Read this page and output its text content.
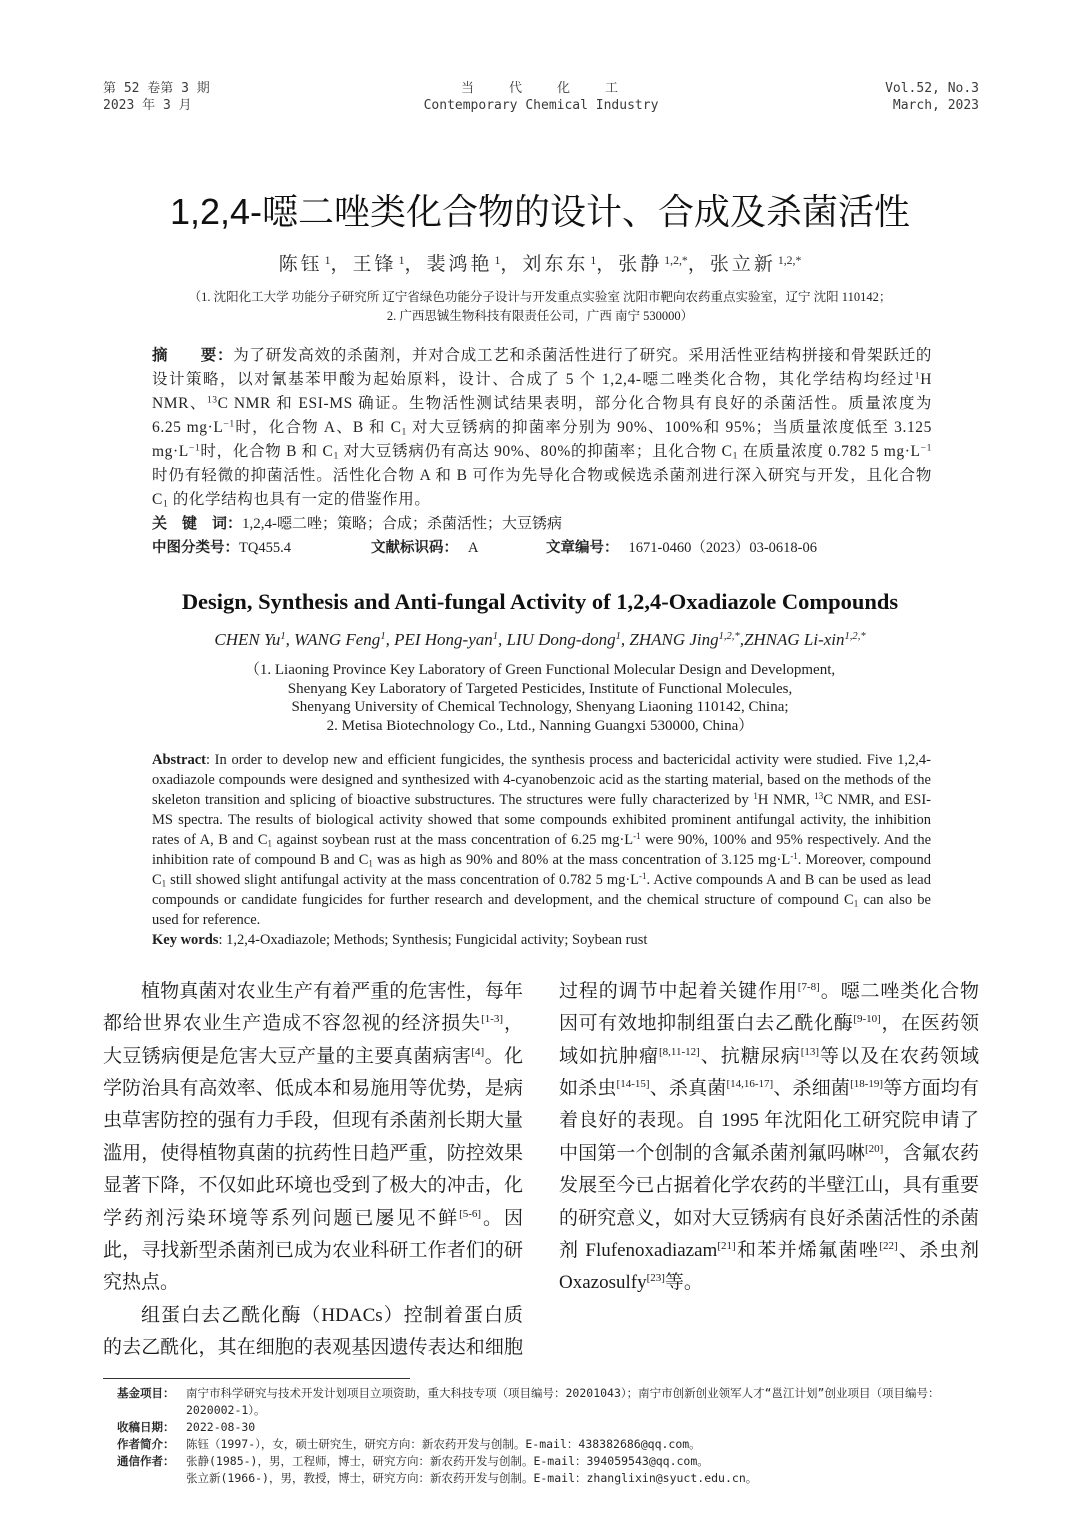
第 52 卷第 3 期
2023 年 3 月
当　　代　　化　　工
Contemporary Chemical Industry
Vol.52, No.3
March, 2023
1,2,4-噁二唑类化合物的设计、合成及杀菌活性
陈钰 $^1$，王锋 $^1$，裴鸿艳 $^1$，刘东东 $^1$，张静 $^{1,2,*}$，张立新 $^{1,2,*}$
（1. 沈阳化工大学 功能分子研究所 辽宁省绿色功能分子设计与开发重点实验室 沈阳市靶向农药重点实验室，辽宁 沈阳 110142；
2. 广西思铖生物科技有限责任公司，广西 南宁 530000）
摘　　要：为了研发高效的杀菌剂，并对合成工艺和杀菌活性进行了研究。采用活性亚结构拼接和骨架跃迁的设计策略，以对氰基苯甲酸为起始原料，设计、合成了 5 个 1,2,4-噁二唑类化合物，其化学结构均经过$^1$H NMR、$^{13}$C NMR 和 ESI-MS 确证。生物活性测试结果表明，部分化合物具有良好的杀菌活性。质量浓度为 6.25 $mg\cdot L^{-1}$时，化合物 A、B 和 $C_1$ 对大豆锈病的抑菌率分别为 90%、100%和 95%；当质量浓度低至 3.125 $mg\cdot L^{-1}$时，化合物 B 和 $C_1$ 对大豆锈病仍有高达 90%、80%的抑菌率；且化合物 $C_1$ 在质量浓度 0.782 5 $mg\cdot L^{-1}$时仍有轻微的抑菌活性。活性化合物 A 和 B 可作为先导化合物或候选杀菌剂进行深入研究与开发，且化合物 $C_1$ 的化学结构也具有一定的借鉴作用。
关　键　词：1,2,4-噁二唑；策略；合成；杀菌活性；大豆锈病
中图分类号：TQ455.4	文献标识码： A	文章编号： 1671-0460（2023）03-0618-06
Design, Synthesis and Anti-fungal Activity of 1,2,4-Oxadiazole Compounds
CHEN Yu$^1$, WANG Feng$^1$, PEI Hong-yan$^1$, LIU Dong-dong$^1$, ZHANG Jing$^{1,2,*}$,ZHNAG Li-xin$^{1,2,*}$
（1. Liaoning Province Key Laboratory of Green Functional Molecular Design and Development,
Shenyang Key Laboratory of Targeted Pesticides, Institute of Functional Molecules,
Shenyang University of Chemical Technology, Shenyang Liaoning 110142, China;
2. Metisa Biotechnology Co., Ltd., Nanning Guangxi 530000, China）
Abstract: In order to develop new and efficient fungicides, the synthesis process and bactericidal activity were studied. Five 1,2,4-oxadiazole compounds were designed and synthesized with 4-cyanobenzoic acid as the starting material, based on the methods of the skeleton transition and splicing of bioactive substructures. The structures were fully characterized by $^1$H NMR, $^{13}$C NMR, and ESI-MS spectra. The results of biological activity showed that some compounds exhibited prominent antifungal activity, the inhibition rates of A, B and $C_1$ against soybean rust at the mass concentration of 6.25 $mg\cdot L^{-1}$ were 90%, 100% and 95% respectively. And the inhibition rate of compound B and $C_1$ was as high as 90% and 80% at the mass concentration of 3.125 $mg\cdot L^{-1}$. Moreover, compound $C_1$ still showed slight antifungal activity at the mass concentration of 0.782 5 $mg\cdot L^{-1}$. Active compounds A and B can be used as lead compounds or candidate fungicides for further research and development, and the chemical structure of compound $C_1$ can also be used for reference.
Key words: 1,2,4-Oxadiazole; Methods; Synthesis; Fungicidal activity; Soybean rust

植物真菌对农业生产有着严重的危害性，每年都给世界农业生产造成不容忽视的经济损失[1-3]，大豆锈病便是危害大豆产量的主要真菌病害[4]。化学防治具有高效率、低成本和易施用等优势，是病虫草害防控的强有力手段，但现有杀菌剂长期大量滥用，使得植物真菌的抗药性日趋严重，防控效果显著下降，不仅如此环境也受到了极大的冲击，化学药剂污染环境等系列问题已屡见不鲜[5-6]。因此，寻找新型杀菌剂已成为农业科研工作者们的研究热点。

组蛋白去乙酰化酶（HDACs）控制着蛋白质的去乙酰化，其在细胞的表观基因遗传表达和细胞过程的调节中起着关键作用[7-8]。噁二唑类化合物因可有效地抑制组蛋白去乙酰化酶[9-10]，在医药领域如抗肿瘤[8,11-12]、抗糖尿病[13]等以及在农药领域如杀虫[14-15]、杀真菌[14,16-17]、杀细菌[18-19]等方面均有着良好的表现。自 1995 年沈阳化工研究院申请了中国第一个创制的含氟杀菌剂氟吗啉[20]，含氟农药发展至今已占据着化学农药的半壁江山，具有重要的研究意义，如对大豆锈病有良好杀菌活性的杀菌剂 Flufenoxadiazam[21]和苯并烯氟菌唑[22]、杀虫剂 Oxazosulfy[23]等。

基金项目：	南宁市科学研究与技术开发计划项目立项资助，重大科技专项（项目编号：20201043）；南宁市创新创业领军人才“邕江计划”创业项目（项目编号：2020002-1）。
收稿日期：	2022-08-30
作者简介：	陈钰（1997-），女，硕士研究生，研究方向：新农药开发与创制。E-mail：438382686@qq.com。
通信作者：	张静(1985-)，男，工程师，博士，研究方向：新农药开发与创制。E-mail：394059543@qq.com。
张立新(1966-)，男，教授，博士，研究方向：新农药开发与创制。E-mail：zhanglixin@syuct.edu.cn。
